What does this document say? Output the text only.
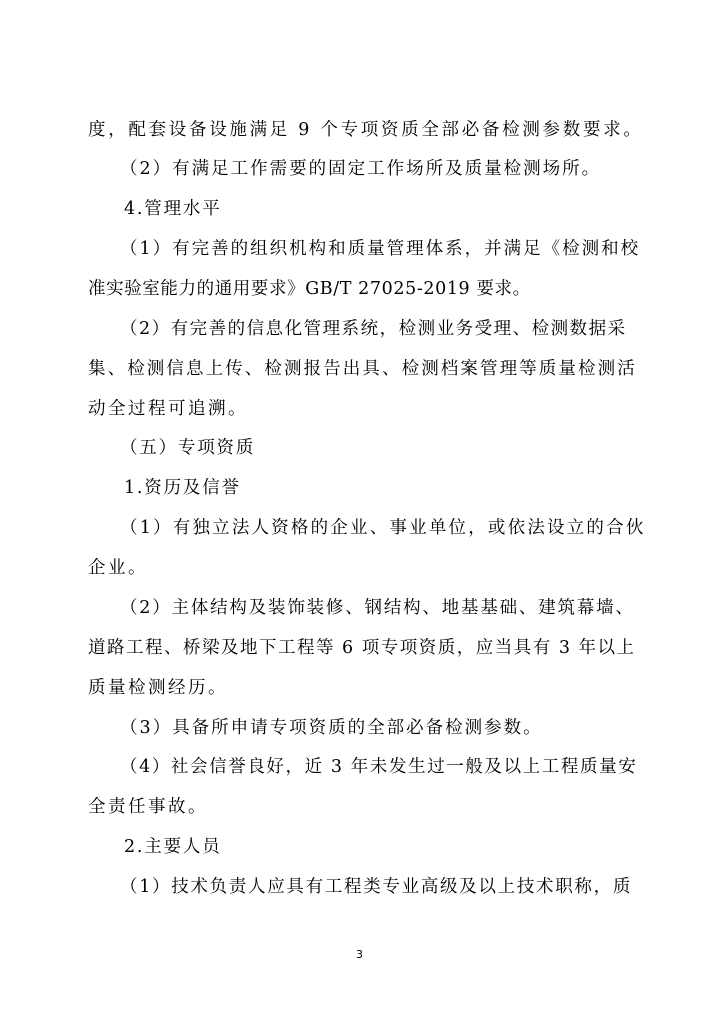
度，配套设备设施满足 9 个专项资质全部必备检测参数要求。
（2）有满足工作需要的固定工作场所及质量检测场所。
4.管理水平
（1）有完善的组织机构和质量管理体系，并满足《检测和校
准实验室能力的通用要求》GB/T 27025-2019 要求。
（2）有完善的信息化管理系统，检测业务受理、检测数据采
集、检测信息上传、检测报告出具、检测档案管理等质量检测活
动全过程可追溯。
（五）专项资质
1.资历及信誉
（1）有独立法人资格的企业、事业单位，或依法设立的合伙
企业。
（2）主体结构及装饰装修、钢结构、地基基础、建筑幕墙、
道路工程、桥梁及地下工程等 6 项专项资质，应当具有 3 年以上
质量检测经历。
（3）具备所申请专项资质的全部必备检测参数。
（4）社会信誉良好，近 3 年未发生过一般及以上工程质量安
全责任事故。
2.主要人员
（1）技术负责人应具有工程类专业高级及以上技术职称，质
3
